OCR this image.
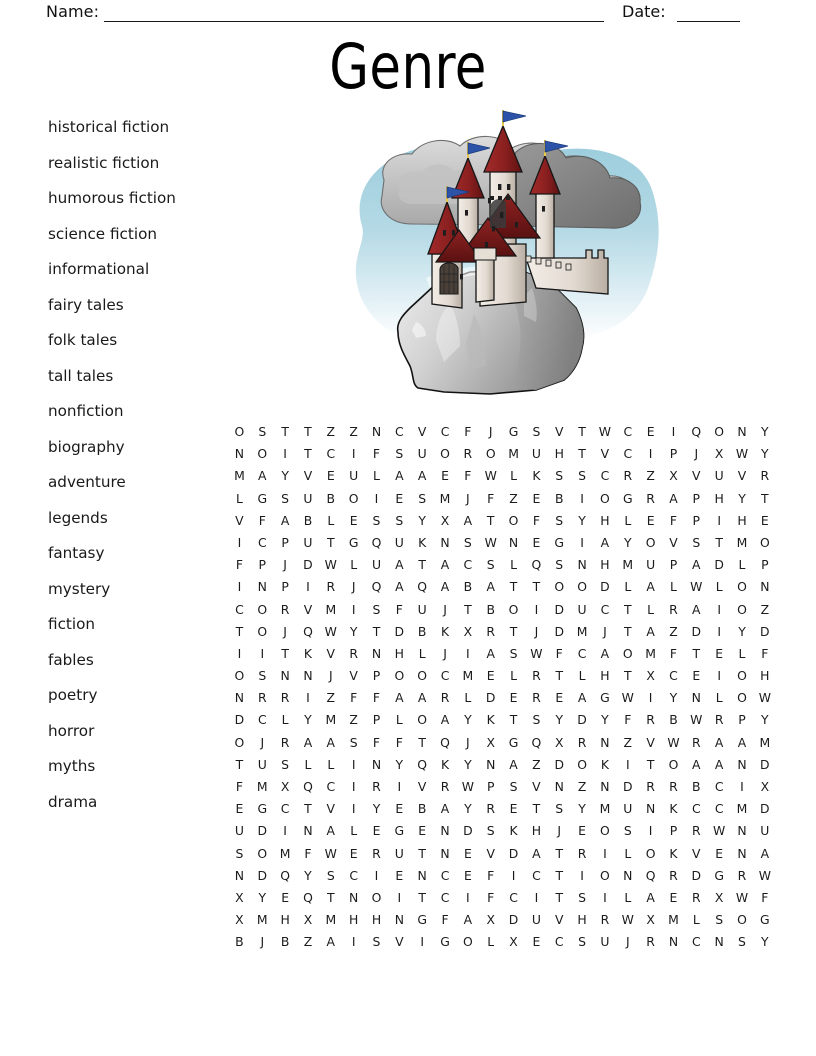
Name:	Date:
Genre
historical fiction
realistic fiction
humorous fiction
science fiction
informational
fairy tales
folk tales
tall tales
nonfiction
biography
adventure
legends
fantasy
mystery
fiction
fables
poetry
horror
myths
drama
O S T T Z Z N C V C F J G S V T W C E I Q O N Y
N O I T C I F S U O R O M U H T V C I P J X W Y
M A Y V E U L A A E F W L K S S C R Z X V U V R
L G S U B O I E S M J F Z E B I O G R A P H Y T
V F A B L E S S Y X A T O F S Y H L E F P I H E
I C P U T G Q U K N S W N E G I A Y O V S T M O
F P J D W L U A T A C S L Q S N H M U P A D L P
I N P I R J Q A Q A B A T T O O D L A L W L O N
C O R V M I S F U J T B O I D U C T L R A I O Z
T O J Q W Y T D B K X R T J D M J T A Z D I Y D
I I T K V R N H L J I A S W F C A O M F T E L F
O S N N J V P O O C M E L R T L H T X C E I O H
N R R I Z F F A A R L D E R E A G W I Y N L O W
D C L Y M Z P L O A Y K T S Y D Y F R B W R P Y
O J R A A S F F T Q J X G Q X R N Z V W R A A M
T U S L L I N Y Q K Y N A Z D O K I T O A A N D
F M X Q C I R I V R W P S V N Z N D R R B C I X
E G C T V I Y E B A Y R E T S Y M U N K C C M D
U D I N A L E G E N D S K H J E O S I P R W N U
S O M F W E R U T N E V D A T R I L O K V E N A
N D Q Y S C I E N C E F I C T I O N Q R D G R W
X Y E Q T N O I T C I F C I T S I L A E R X W F
X M H X M H H N G F A X D U V H R W X M L S O G
B J B Z A I S V I G O L X E C S U J R N C N S Y
